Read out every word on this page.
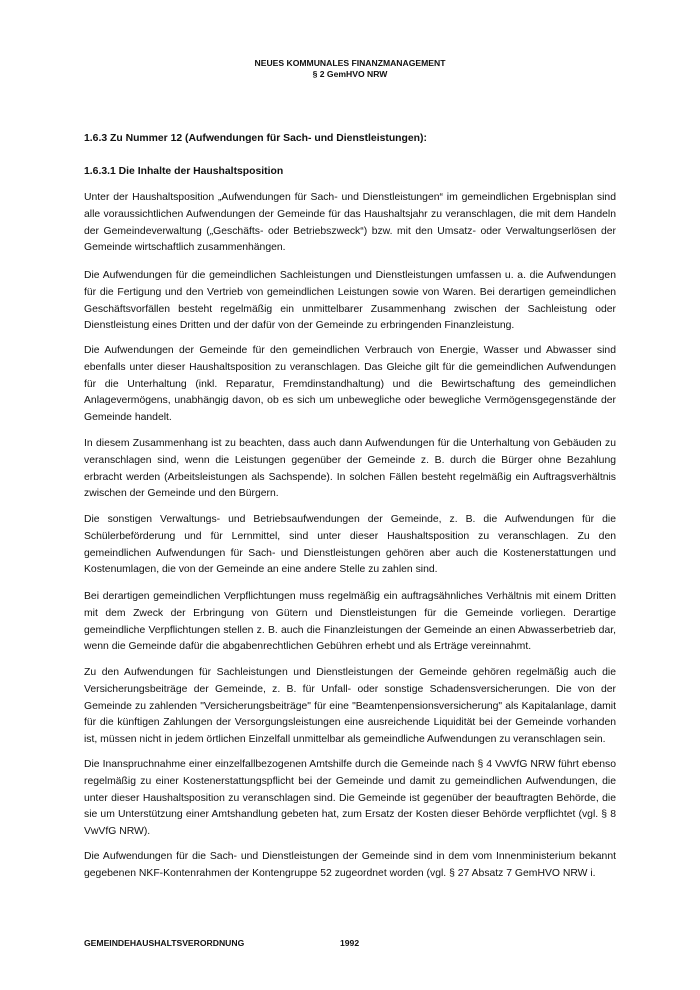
NEUES KOMMUNALES FINANZMANAGEMENT
§ 2 GemHVO NRW
1.6.3 Zu Nummer 12 (Aufwendungen für Sach- und Dienstleistungen):
1.6.3.1 Die Inhalte der Haushaltsposition

Unter der Haushaltsposition „Aufwendungen für Sach- und Dienstleistungen“ im gemeindlichen Ergebnisplan sind alle voraussichtlichen Aufwendungen der Gemeinde für das Haushaltsjahr zu veranschlagen, die mit dem Handeln der Gemeindeverwaltung („Geschäfts- oder Betriebszweck“) bzw. mit den Umsatz- oder Verwaltungserlösen der Gemeinde wirtschaftlich zusammenhängen.

Die Aufwendungen für die gemeindlichen Sachleistungen und Dienstleistungen umfassen u. a. die Aufwendungen für die Fertigung und den Vertrieb von gemeindlichen Leistungen sowie von Waren. Bei derartigen gemeindlichen Geschäftsvorfällen besteht regelmäßig ein unmittelbarer Zusammenhang zwischen der Sachleistung oder Dienstleistung eines Dritten und der dafür von der Gemeinde zu erbringenden Finanzleistung.

Die Aufwendungen der Gemeinde für den gemeindlichen Verbrauch von Energie, Wasser und Abwasser sind ebenfalls unter dieser Haushaltsposition zu veranschlagen. Das Gleiche gilt für die gemeindlichen Aufwendungen für die Unterhaltung (inkl. Reparatur, Fremdinstandhaltung) und die Bewirtschaftung des gemeindlichen Anlagevermögens, unabhängig davon, ob es sich um unbewegliche oder bewegliche Vermögensgegenstände der Gemeinde handelt.

In diesem Zusammenhang ist zu beachten, dass auch dann Aufwendungen für die Unterhaltung von Gebäuden zu veranschlagen sind, wenn die Leistungen gegenüber der Gemeinde z. B. durch die Bürger ohne Bezahlung erbracht werden (Arbeitsleistungen als Sachspende). In solchen Fällen besteht regelmäßig ein Auftragsverhältnis zwischen der Gemeinde und den Bürgern.

Die sonstigen Verwaltungs- und Betriebsaufwendungen der Gemeinde, z. B. die Aufwendungen für die Schülerbeförderung und für Lernmittel, sind unter dieser Haushaltsposition zu veranschlagen. Zu den gemeindlichen Aufwendungen für Sach- und Dienstleistungen gehören aber auch die Kostenerstattungen und Kostenumlagen, die von der Gemeinde an eine andere Stelle zu zahlen sind.

Bei derartigen gemeindlichen Verpflichtungen muss regelmäßig ein auftragsähnliches Verhältnis mit einem Dritten mit dem Zweck der Erbringung von Gütern und Dienstleistungen für die Gemeinde vorliegen. Derartige gemeindliche Verpflichtungen stellen z. B. auch die Finanzleistungen der Gemeinde an einen Abwasserbetrieb dar, wenn die Gemeinde dafür die abgabenrechtlichen Gebühren erhebt und als Erträge vereinnahmt.

Zu den Aufwendungen für Sachleistungen und Dienstleistungen der Gemeinde gehören regelmäßig auch die Versicherungsbeiträge der Gemeinde, z. B. für Unfall- oder sonstige Schadensversicherungen. Die von der Gemeinde zu zahlenden "Versicherungsbeiträge" für eine "Beamtenpensionsversicherung" als Kapitalanlage, damit für die künftigen Zahlungen der Versorgungsleistungen eine ausreichende Liquidität bei der Gemeinde vorhanden ist, müssen nicht in jedem örtlichen Einzelfall unmittelbar als gemeindliche Aufwendungen zu veranschlagen sein.

Die Inanspruchnahme einer einzelfallbezogenen Amtshilfe durch die Gemeinde nach § 4 VwVfG NRW führt ebenso regelmäßig zu einer Kostenerstattungspflicht bei der Gemeinde und damit zu gemeindlichen Aufwendungen, die unter dieser Haushaltsposition zu veranschlagen sind. Die Gemeinde ist gegenüber der beauftragten Behörde, die sie um Unterstützung einer Amtshandlung gebeten hat, zum Ersatz der Kosten dieser Behörde verpflichtet (vgl. § 8 VwVfG NRW).

Die Aufwendungen für die Sach- und Dienstleistungen der Gemeinde sind in dem vom Innenministerium bekannt gegebenen NKF-Kontenrahmen der Kontengruppe 52 zugeordnet worden (vgl. § 27 Absatz 7 GemHVO NRW i.

GEMEINDEHAUSHALTSVERORDNUNG	1992
